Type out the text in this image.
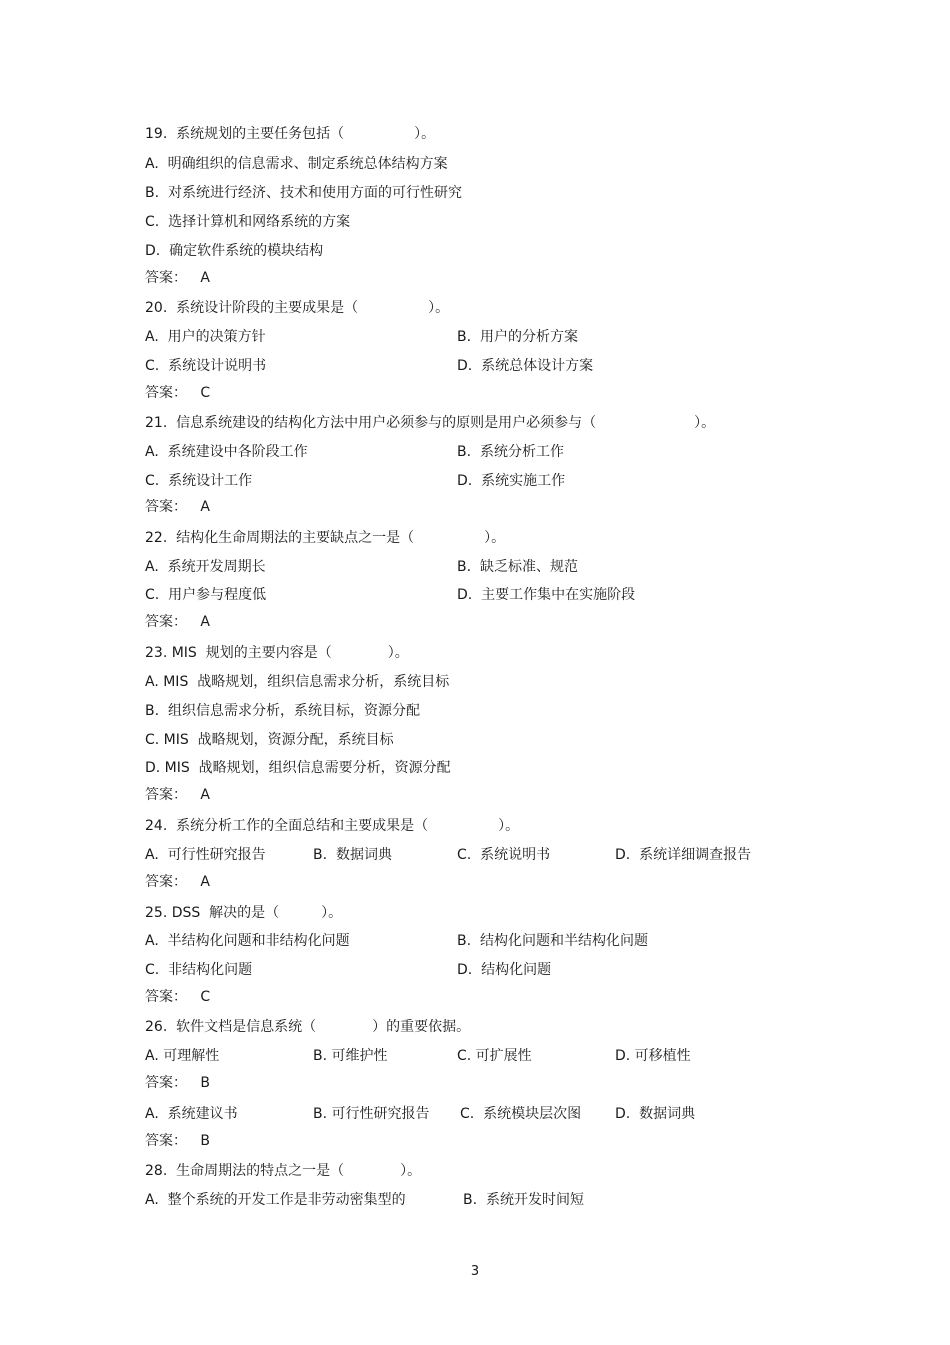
19. 系统规划的主要任务包括（　　　　　）。
A.  明确组织的信息需求、制定系统总体结构方案
B.  对系统进行经济、技术和使用方面的可行性研究
C.  选择计算机和网络系统的方案
D.  确定软件系统的模块结构
答案： A
20. 系统设计阶段的主要成果是（　　　　　）。
A.  用户的决策方针	B.  用户的分析方案
C.  系统设计说明书	D.  系统总体设计方案
答案： C
21. 信息系统建设的结构化方法中用户必须参与的原则是用户必须参与（　　　　　　　）。
A.  系统建设中各阶段工作	B.  系统分析工作
C.  系统设计工作	D.  系统实施工作
答案： A
22. 结构化生命周期法的主要缺点之一是（　　　　　）。
A.  系统开发周期长	B.  缺乏标准、规范
C.  用户参与程度低	D.  主要工作集中在实施阶段
答案： A
23. MIS  规划的主要内容是（　　　　）。
A. MIS  战略规划，组织信息需求分析，系统目标
B.  组织信息需求分析，系统目标，资源分配
C. MIS  战略规划，资源分配，系统目标
D. MIS  战略规划，组织信息需要分析，资源分配
答案： A
24. 系统分析工作的全面总结和主要成果是（　　　　　）。
A.  可行性研究报告	B.  数据词典	C.  系统说明书	D.  系统详细调查报告
答案： A
25. DSS  解决的是（　　　）。
A.  半结构化问题和非结构化问题	B.  结构化问题和半结构化问题
C.  非结构化问题	D.  结构化问题
答案： C
26. 软件文档是信息系统（　　　　）的重要依据。
A. 可理解性	B. 可维护性	C. 可扩展性	D. 可移植性
答案： B
A.  系统建议书	B. 可行性研究报告 C.  系统模块层次图 D.  数据词典
答案： B
28. 生命周期法的特点之一是（　　　　）。
A.  整个系统的开发工作是非劳动密集型的	B.  系统开发时间短
3
